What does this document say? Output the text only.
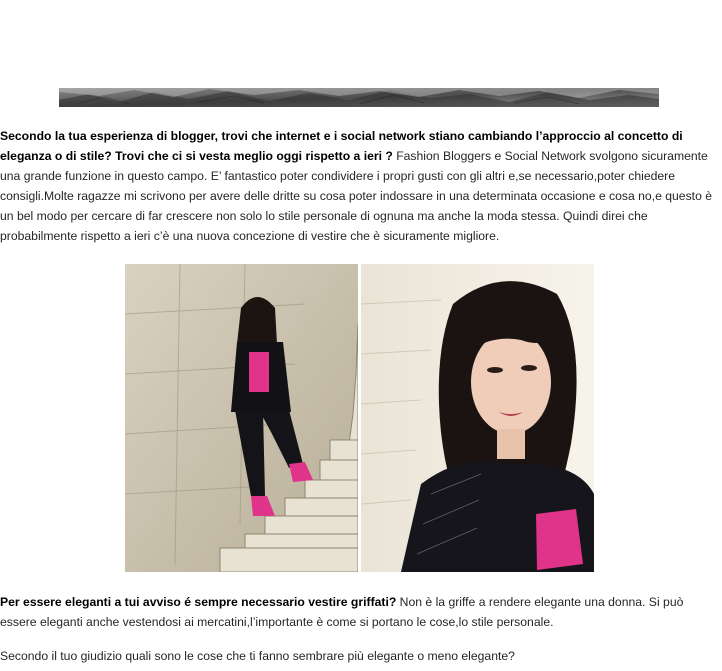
Secondo la tua esperienza di blogger, trovi che internet e i social network stiano cambiando l’approccio al concetto di eleganza o di stile? Trovi che ci si vesta meglio oggi rispetto a ieri ? Fashion Bloggers e Social Network svolgono sicuramente una grande funzione in questo campo. E’ fantastico poter condividere i propri gusti con gli altri e,se necessario,poter chiedere consigli.Molte ragazze mi scrivono per avere delle dritte su cosa poter indossare in una determinata occasione e cosa no,e questo è un bel modo per cercare di far crescere non solo lo stile personale di ognuna ma anche la moda stessa. Quindi direi che probabilmente rispetto a ieri c’è una nuova concezione di vestire che è sicuramente migliore.

Per essere eleganti a tui avviso é sempre necessario vestire griffati? Non è la griffe a rendere elegante una donna. Si può essere eleganti anche vestendosi ai mercatini,l’importante è come si portano le cose,lo stile personale.

Secondo il tuo giudizio quali sono le cose che ti fanno sembrare più elegante o meno elegante?
